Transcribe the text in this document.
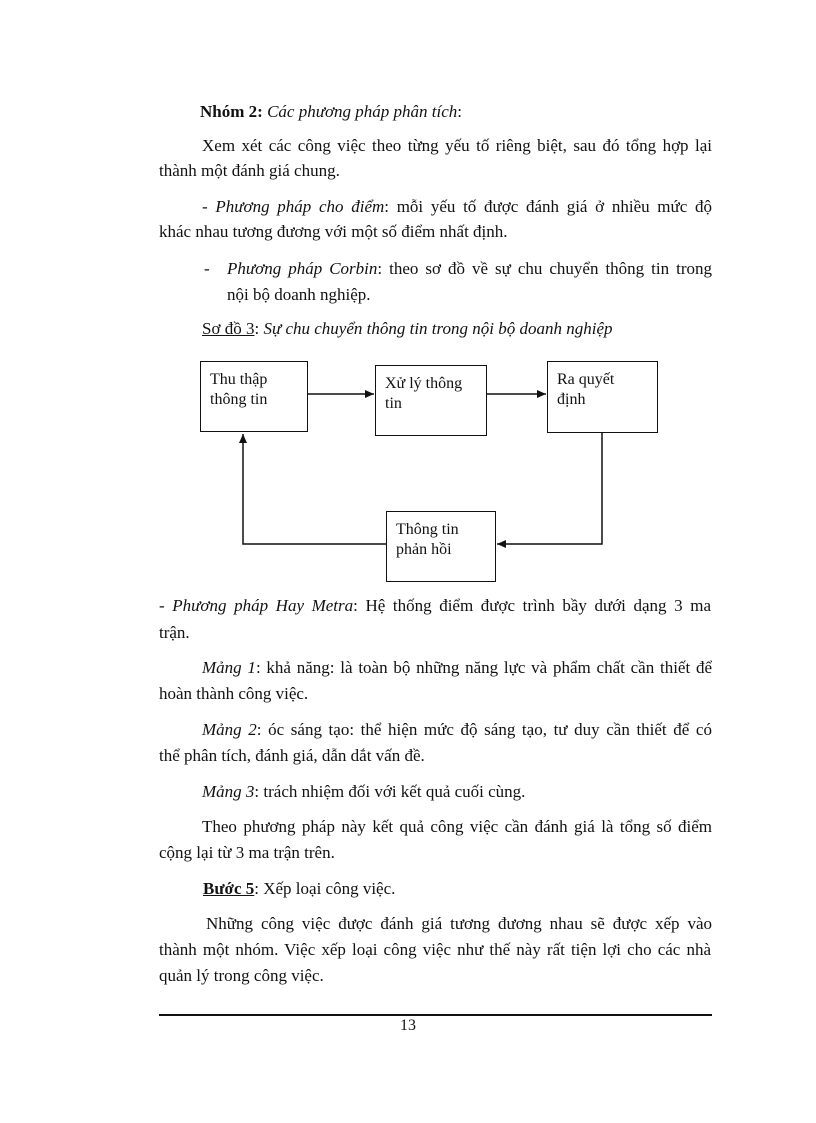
Nhóm 2: Các phương pháp phân tích:
Xem xét các công việc theo từng yếu tố riêng biệt, sau đó tổng hợp lại
thành một đánh giá chung.
- Phương pháp cho điểm: mỗi yếu tố được đánh giá ở nhiều mức độ
khác nhau tương đương với một số điểm nhất định.
- Phương pháp Corbin: theo sơ đồ về sự chu chuyển thông tin trong
nội bộ doanh nghiệp.
Sơ đồ 3: Sự chu chuyển thông tin trong nội bộ doanh nghiệp
Thu thập
thông tin
Xử lý thông
tin
Ra quyết
định
Thông tin
phản hồi
- Phương pháp Hay Metra: Hệ thống điểm được trình bầy dưới dạng 3 ma
trận.
Mảng 1: khả năng: là toàn bộ những năng lực và phẩm chất cần thiết để
hoàn thành công việc.
Mảng 2: óc sáng tạo: thể hiện mức độ sáng tạo, tư duy cần thiết để có
thể phân tích, đánh giá, dẫn dắt vấn đề.
Mảng 3: trách nhiệm đối với kết quả cuối cùng.
Theo phương pháp này kết quả công việc cần đánh giá là tổng số điểm
cộng lại từ 3 ma trận trên.
Bước 5: Xếp loại công việc.
Những công việc được đánh giá tương đương nhau sẽ được xếp vào
thành một nhóm. Việc xếp loại công việc như thế này rất tiện lợi cho các nhà
quản lý trong công việc.
13
